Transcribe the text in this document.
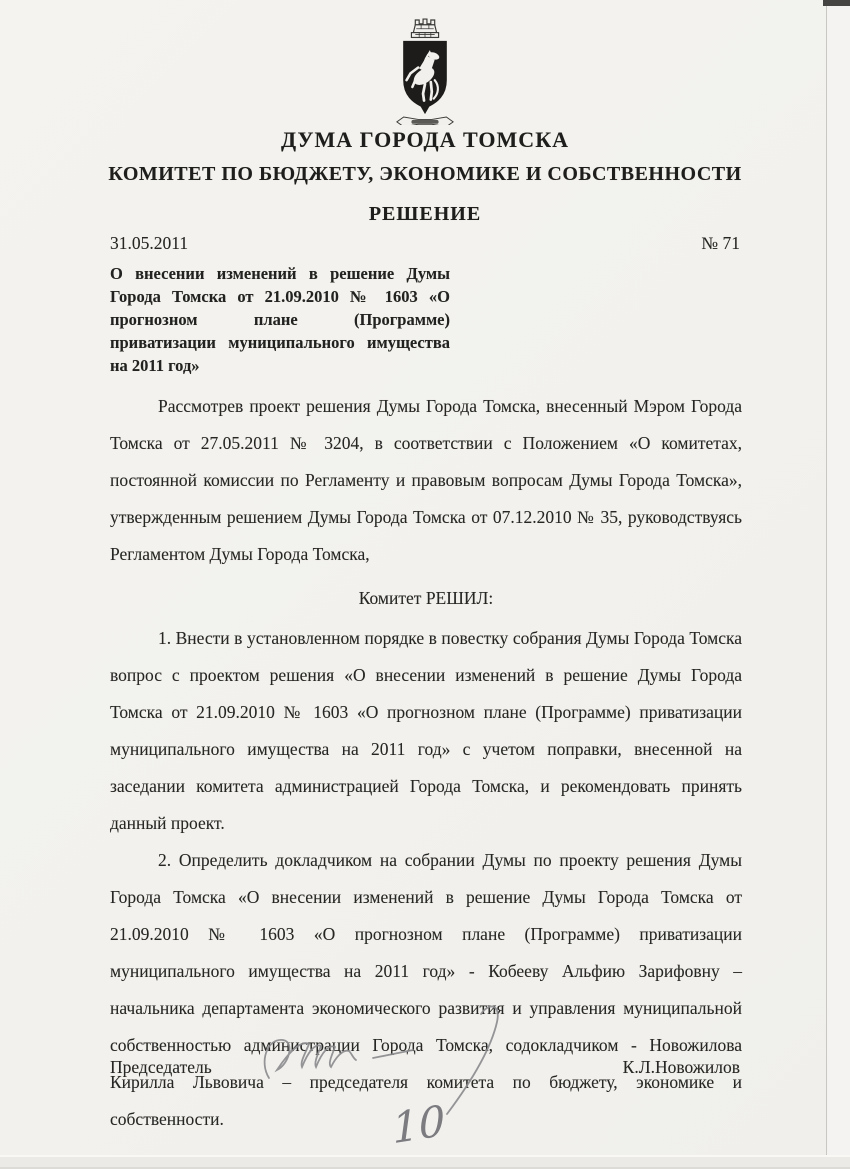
ДУМА ГОРОДА ТОМСКА
КОМИТЕТ ПО БЮДЖЕТУ, ЭКОНОМИКЕ И СОБСТВЕННОСТИ
РЕШЕНИЕ
31.05.2011	№ 71
О внесении изменений в решение Думы Города Томска от 21.09.2010 № 1603 «О прогнозном плане (Программе) приватизации муниципального имущества на 2011 год»
Рассмотрев проект решения Думы Города Томска, внесенный Мэром Города Томска от 27.05.2011 № 3204, в соответствии с Положением «О комитетах, постоянной комиссии по Регламенту и правовым вопросам Думы Города Томска», утвержденным решением Думы Города Томска от 07.12.2010 № 35, руководствуясь Регламентом Думы Города Томска,
Комитет РЕШИЛ:

1. Внести в установленном порядке в повестку собрания Думы Города Томска вопрос с проектом решения «О внесении изменений в решение Думы Города Томска от 21.09.2010 № 1603 «О прогнозном плане (Программе) приватизации муниципального имущества на 2011 год» с учетом поправки, внесенной на заседании комитета администрацией Города Томска, и рекомендовать принять данный проект.

2. Определить докладчиком на собрании Думы по проекту решения Думы Города Томска «О внесении изменений в решение Думы Города Томска от 21.09.2010 № 1603 «О прогнозном плане (Программе) приватизации муниципального имущества на 2011 год» - Кобееву Альфию Зарифовну – начальника департамента экономического развития и управления муниципальной собственностью администрации Города Томска, содокладчиком - Новожилова Кирилла Львовича – председателя комитета по бюджету, экономике и собственности.

Председатель	К.Л.Новожилов
10
